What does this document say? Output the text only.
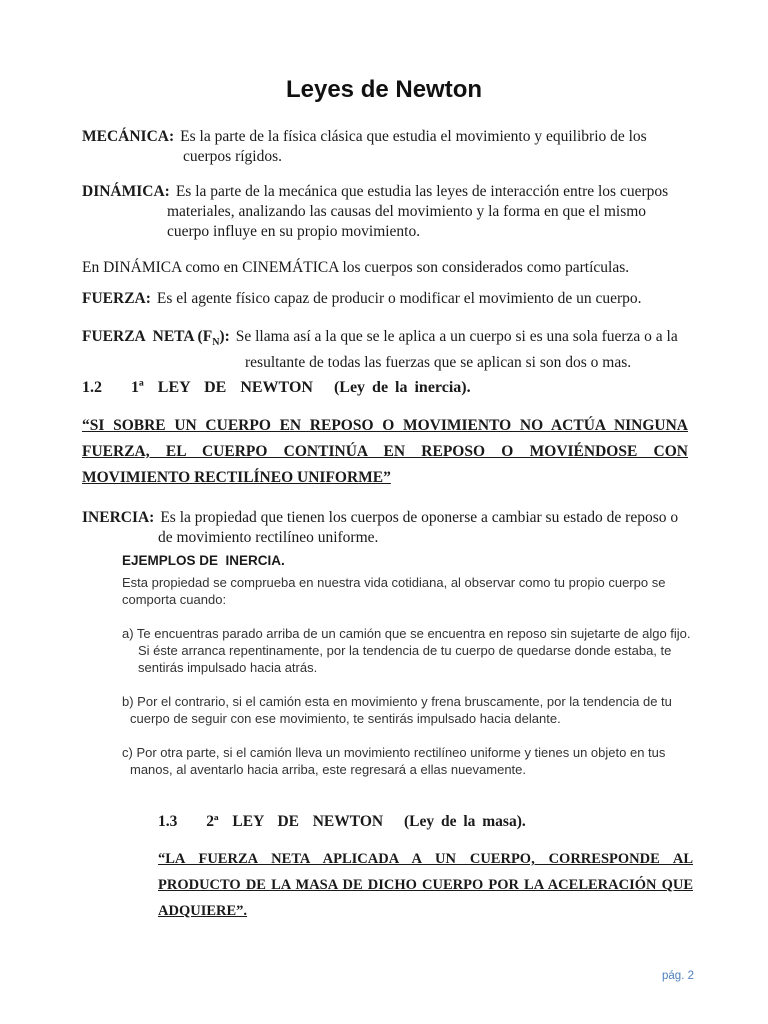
Leyes de Newton
MECÁNICA: Es la parte de la física clásica que estudia el movimiento y equilibrio de los
cuerpos rígidos.
DINÁMICA: Es la parte de la mecánica que estudia las leyes de interacción entre los cuerpos
materiales, analizando las causas del movimiento y la forma en que el mismo
cuerpo influye en su propio movimiento.
En DINÁMICA como en CINEMÁTICA los cuerpos son considerados como partículas.
FUERZA: Es el agente físico capaz de producir o modificar el movimiento de un cuerpo.
FUERZA  NETA $(F_N)$: Se llama así a la que se le aplica a un cuerpo si es una sola fuerza o a la
resultante de todas las fuerzas que se aplican si son dos o mas.
1.2 1ª  LEY  DE  NEWTON (Ley de la inercia).
“SI SOBRE UN CUERPO EN REPOSO O MOVIMIENTO NO ACTÚA NINGUNA
FUERZA, EL CUERPO CONTINÚA EN REPOSO O MOVIÉNDOSE CON
MOVIMIENTO RECTILÍNEO UNIFORME”
INERCIA: Es la propiedad que tienen los cuerpos de oponerse a cambiar su estado de reposo o
de movimiento rectilíneo uniforme.
EJEMPLOS DE  INERCIA.
Esta propiedad se comprueba en nuestra vida cotidiana, al observar como tu propio cuerpo se
comporta cuando:
a) Te encuentras parado arriba de un camión que se encuentra en reposo sin sujetarte de algo fijo.
Si éste arranca repentinamente, por la tendencia de tu cuerpo de quedarse donde estaba, te
sentirás impulsado hacia atrás.
b) Por el contrario, si el camión esta en movimiento y frena bruscamente, por la tendencia de tu
cuerpo de seguir con ese movimiento, te sentirás impulsado hacia delante.
c) Por otra parte, si el camión lleva un movimiento rectilíneo uniforme y tienes un objeto en tus
manos, al aventarlo hacia arriba, este regresará a ellas nuevamente.
1.3 2ª  LEY  DE  NEWTON (Ley de la masa).
“LA FUERZA NETA APLICADA A UN CUERPO, CORRESPONDE AL
PRODUCTO DE LA MASA DE DICHO CUERPO POR LA ACELERACIÓN QUE
ADQUIERE”.
pág. 2
